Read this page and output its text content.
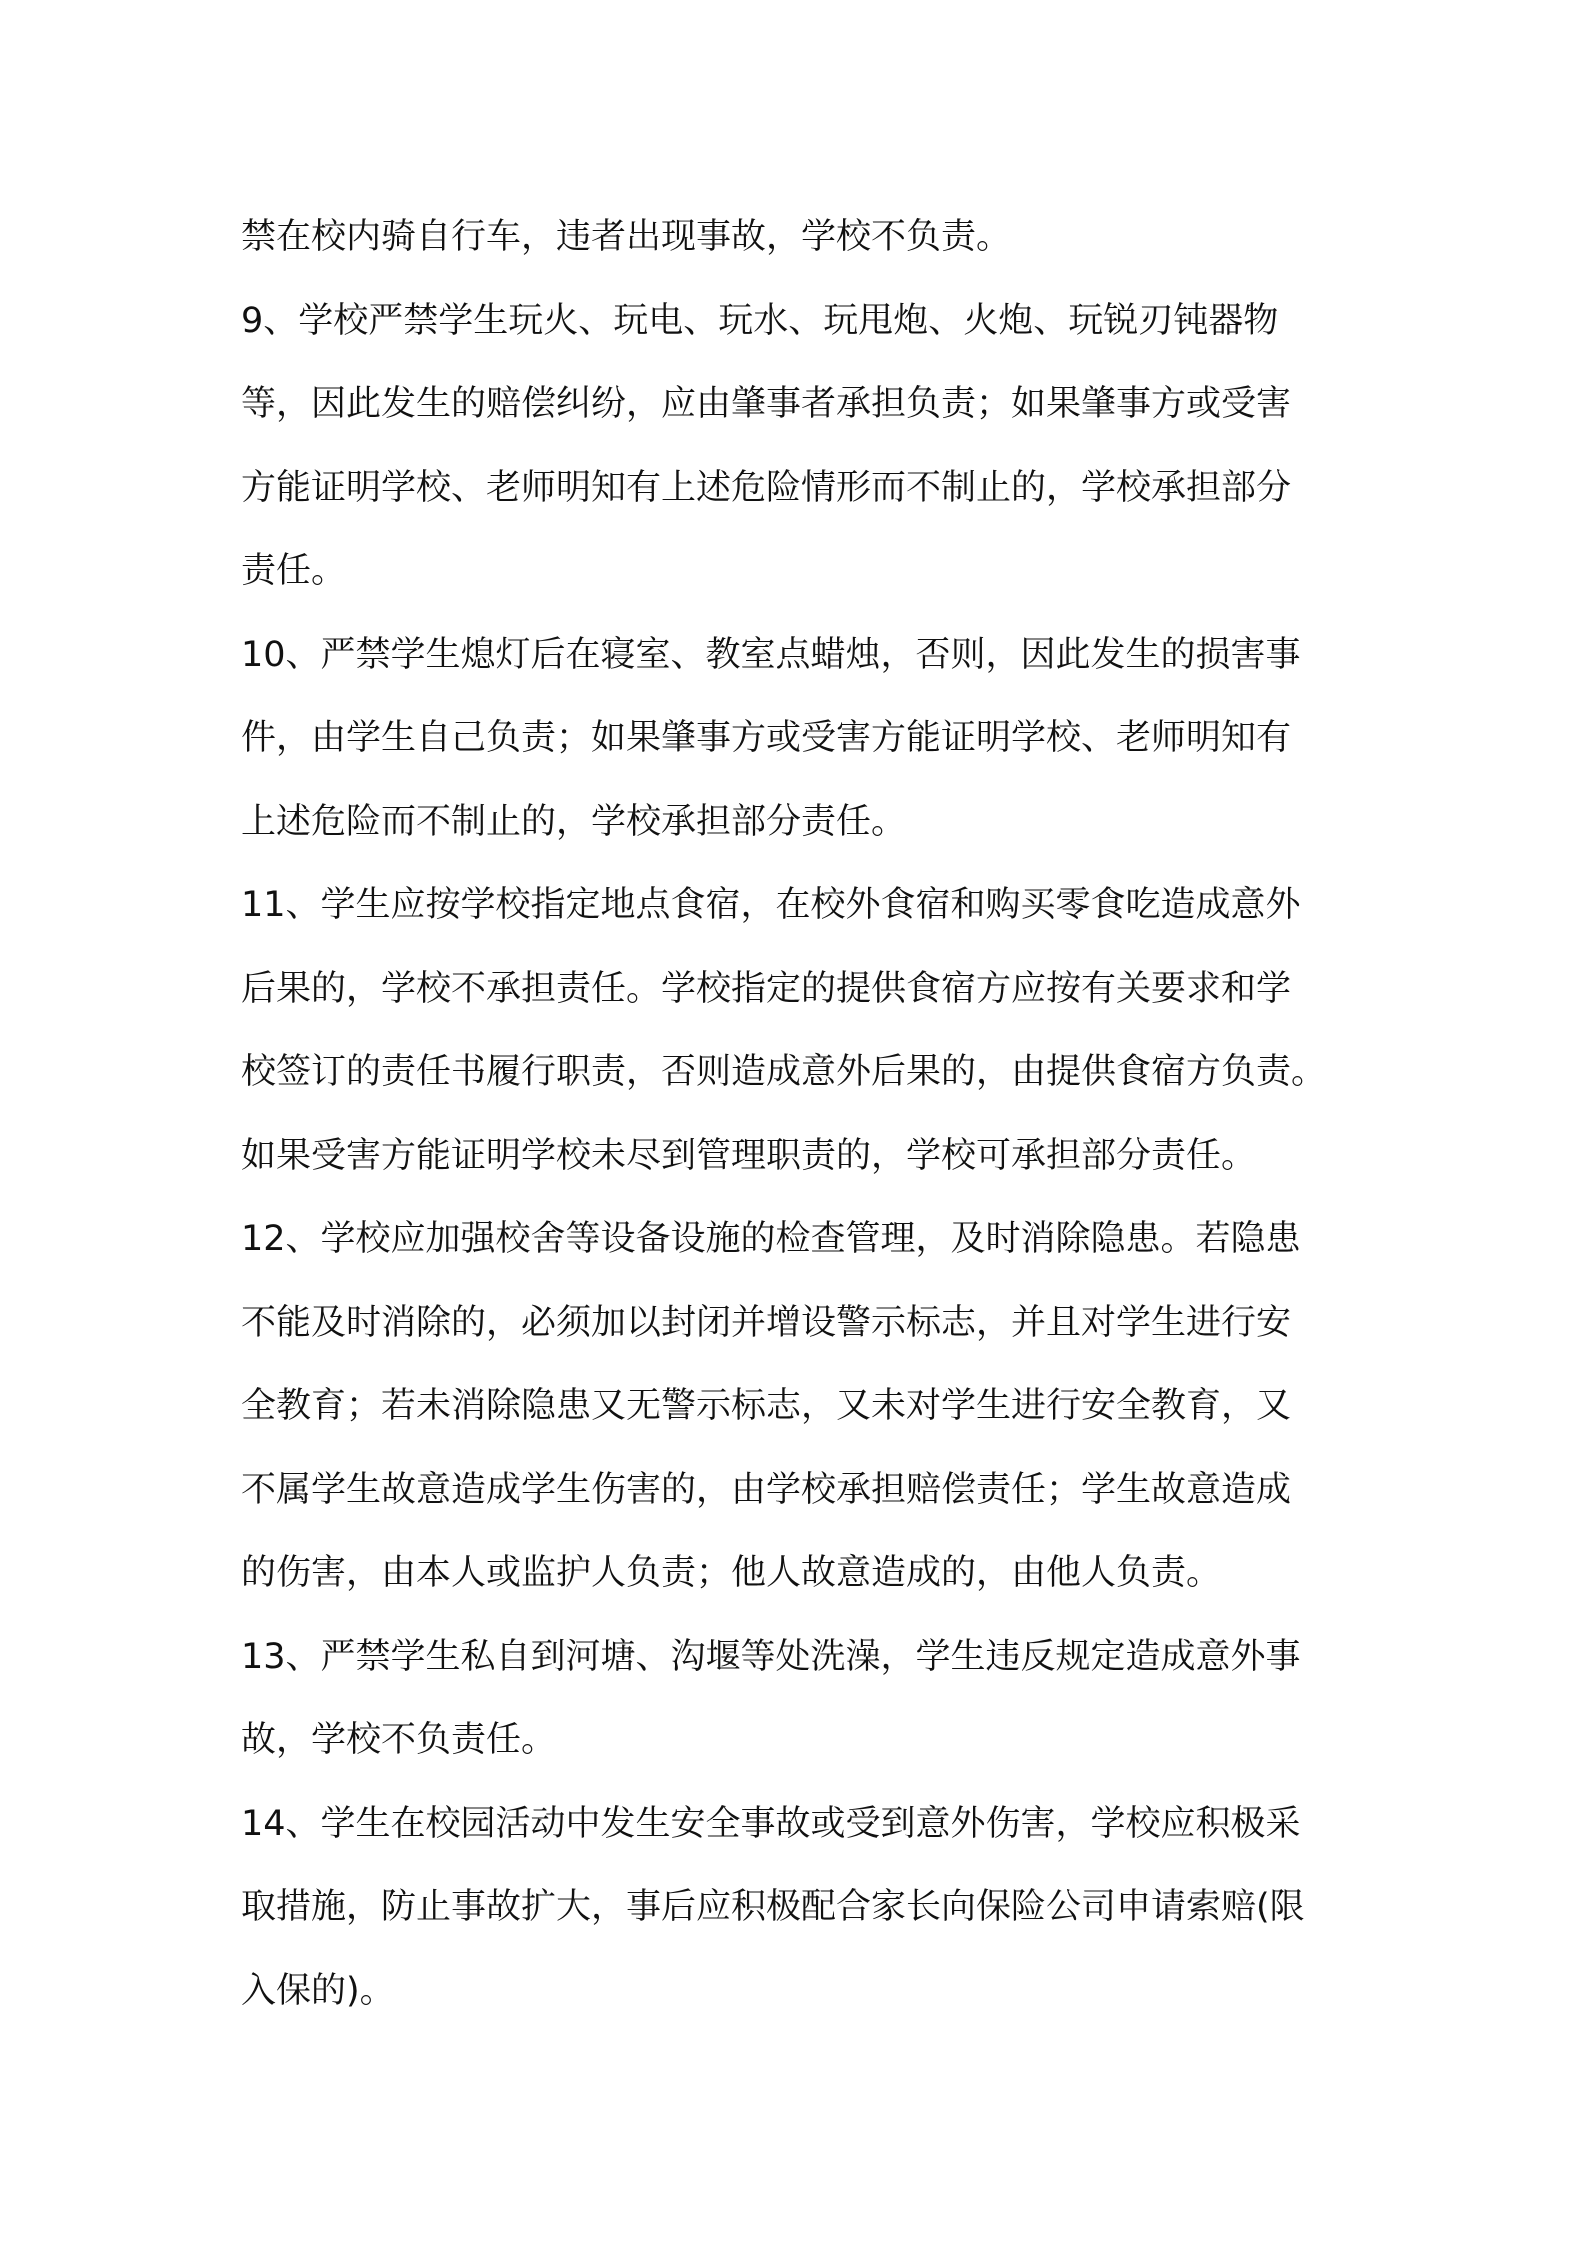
禁在校内骑自行车，违者出现事故，学校不负责。

9、学校严禁学生玩火、玩电、玩水、玩甩炮、火炮、玩锐刃钝器物
等，因此发生的赔偿纠纷，应由肇事者承担负责；如果肇事方或受害
方能证明学校、老师明知有上述危险情形而不制止的，学校承担部分
责任。

10、严禁学生熄灯后在寝室、教室点蜡烛，否则，因此发生的损害事
件，由学生自己负责；如果肇事方或受害方能证明学校、老师明知有
上述危险而不制止的，学校承担部分责任。

11、学生应按学校指定地点食宿，在校外食宿和购买零食吃造成意外
后果的，学校不承担责任。学校指定的提供食宿方应按有关要求和学
校签订的责任书履行职责，否则造成意外后果的，由提供食宿方负责。
如果受害方能证明学校未尽到管理职责的，学校可承担部分责任。

12、学校应加强校舍等设备设施的检查管理，及时消除隐患。若隐患
不能及时消除的，必须加以封闭并增设警示标志，并且对学生进行安
全教育；若未消除隐患又无警示标志，又未对学生进行安全教育，又
不属学生故意造成学生伤害的，由学校承担赔偿责任；学生故意造成
的伤害，由本人或监护人负责；他人故意造成的，由他人负责。

13、严禁学生私自到河塘、沟堰等处洗澡，学生违反规定造成意外事
故，学校不负责任。

14、学生在校园活动中发生安全事故或受到意外伤害，学校应积极采
取措施，防止事故扩大，事后应积极配合家长向保险公司申请索赔(限
入保的)。
